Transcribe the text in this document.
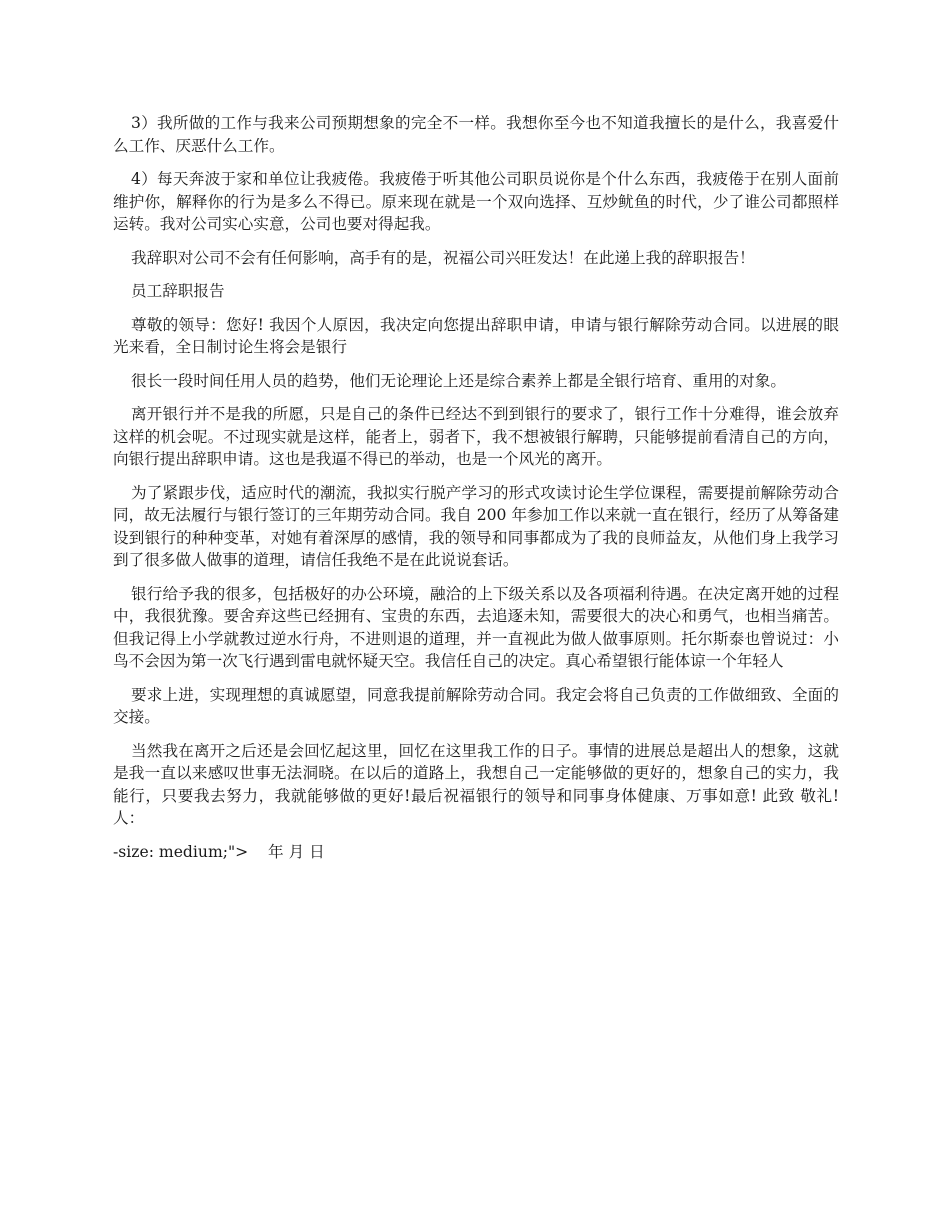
3）我所做的工作与我来公司预期想象的完全不一样。我想你至今也不知道我擅长的是什么，我喜爱什么工作、厌恶什么工作。

4）每天奔波于家和单位让我疲倦。我疲倦于听其他公司职员说你是个什么东西，我疲倦于在别人面前维护你，解释你的行为是多么不得已。原来现在就是一个双向选择、互炒鱿鱼的时代，少了谁公司都照样运转。我对公司实心实意，公司也要对得起我。

我辞职对公司不会有任何影响，高手有的是，祝福公司兴旺发达！在此递上我的辞职报告！

员工辞职报告

尊敬的领导：您好! 我因个人原因，我决定向您提出辞职申请，申请与银行解除劳动合同。以进展的眼光来看，全日制讨论生将会是银行

很长一段时间任用人员的趋势，他们无论理论上还是综合素养上都是全银行培育、重用的对象。

离开银行并不是我的所愿，只是自己的条件已经达不到到银行的要求了，银行工作十分难得，谁会放弃这样的机会呢。不过现实就是这样，能者上，弱者下，我不想被银行解聘，只能够提前看清自己的方向，向银行提出辞职申请。这也是我逼不得已的举动，也是一个风光的离开。

为了紧跟步伐，适应时代的潮流，我拟实行脱产学习的形式攻读讨论生学位课程，需要提前解除劳动合同，故无法履行与银行签订的三年期劳动合同。我自 200 年参加工作以来就一直在银行，经历了从筹备建设到银行的种种变革，对她有着深厚的感情，我的领导和同事都成为了我的良师益友，从他们身上我学习到了很多做人做事的道理，请信任我绝不是在此说说套话。

银行给予我的很多，包括极好的办公环境，融洽的上下级关系以及各项福利待遇。在决定离开她的过程中，我很犹豫。要舍弃这些已经拥有、宝贵的东西，去追逐未知，需要很大的决心和勇气，也相当痛苦。但我记得上小学就教过逆水行舟，不进则退的道理，并一直视此为做人做事原则。托尔斯泰也曾说过：小鸟不会因为第一次飞行遇到雷电就怀疑天空。我信任自己的决定。真心希望银行能体谅一个年轻人

要求上进，实现理想的真诚愿望，同意我提前解除劳动合同。我定会将自己负责的工作做细致、全面的交接。

当然我在离开之后还是会回忆起这里，回忆在这里我工作的日子。事情的进展总是超出人的想象，这就是我一直以来感叹世事无法洞晓。在以后的道路上，我想自己一定能够做的更好的，想象自己的实力，我能行，只要我去努力，我就能够做的更好!最后祝福银行的领导和同事身体健康、万事如意! 此致 敬礼! 人：

-size: medium;">    年 月 日
